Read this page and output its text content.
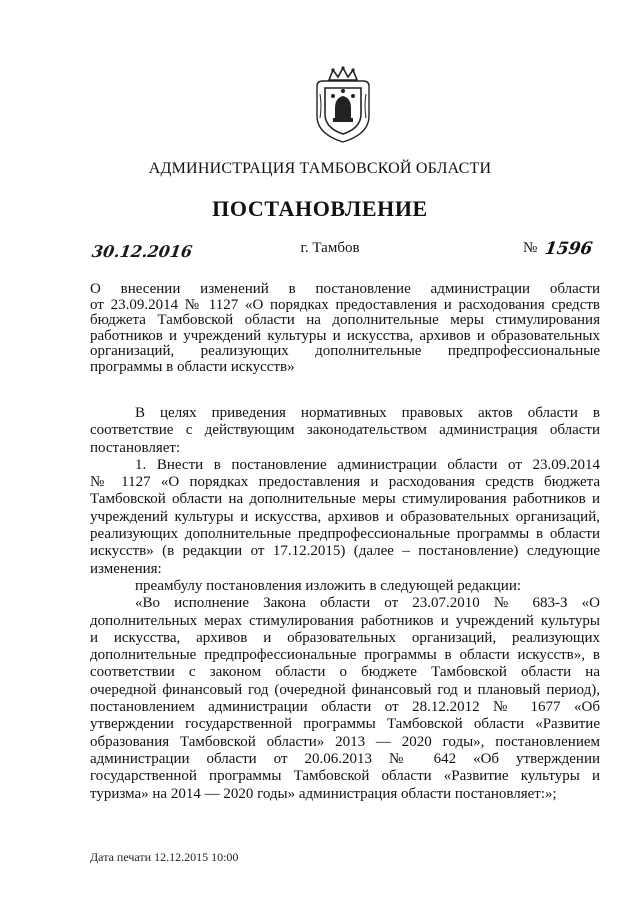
АДМИНИСТРАЦИЯ ТАМБОВСКОЙ ОБЛАСТИ
ПОСТАНОВЛЕНИЕ
30.12.2016	г. Тамбов	№ 1596
О внесении изменений в постановление администрации области
от 23.09.2014 № 1127 «О порядках предоставления и расходования средств
бюджета Тамбовской области на дополнительные меры стимулирования
работников и учреждений культуры и искусства, архивов и образовательных
организаций, реализующих дополнительные предпрофессиональные
программы в области искусств»
В целях приведения нормативных правовых актов области в
соответствие с действующим законодательством администрация области
постановляет:
1. Внести в постановление администрации области от 23.09.2014
№ 1127 «О порядках предоставления и расходования средств бюджета
Тамбовской области на дополнительные меры стимулирования работников и
учреждений культуры и искусства, архивов и образовательных организаций,
реализующих дополнительные предпрофессиональные программы в области
искусств» (в редакции от 17.12.2015) (далее – постановление) следующие
изменения:
преамбулу постановления изложить в следующей редакции:
«Во исполнение Закона области от 23.07.2010 № 683-З «О
дополнительных мерах стимулирования работников и учреждений культуры
и искусства, архивов и образовательных организаций, реализующих
дополнительные предпрофессиональные программы в области искусств», в
соответствии с законом области о бюджете Тамбовской области на
очередной финансовый год (очередной финансовый год и плановый период),
постановлением администрации области от 28.12.2012 № 1677 «Об
утверждении государственной программы Тамбовской области «Развитие
образования Тамбовской области» 2013 — 2020 годы», постановлением
администрации области от 20.06.2013 № 642 «Об утверждении
государственной программы Тамбовской области «Развитие культуры и
туризма» на 2014 — 2020 годы» администрация области постановляет:»;
Дата печати 12.12.2015 10:00
